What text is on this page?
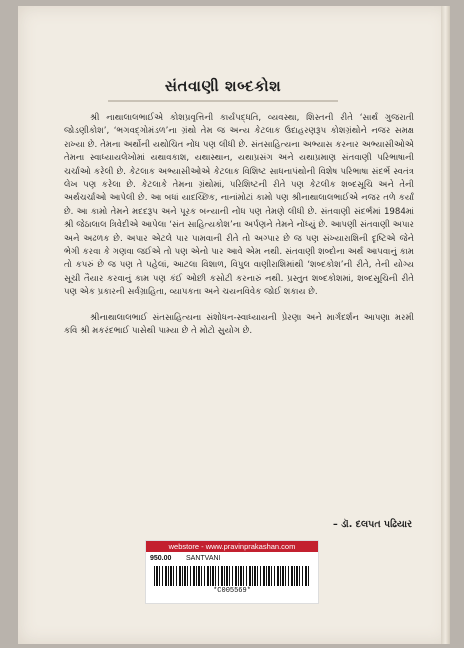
સંતવાણી શબ્દકોશ

શ્રી નાથાલાલભાઈએ કોશપ્રવૃત્તિની કાર્યપદ્ધતિ, વ્યવસ્થા, શિસ્તની રીતે ‘સાર્થ ગુજરાતી જોડણીકોશ’, ‘ભગવદ્ગોમંડળ’ના ગ્રંથો તેમ જ અન્ય કેટલાક ઉદાહરણરૂપ કોશગ્રંથોને નજર સમક્ષ રાખ્યા છે. તેમના અર્થોની યથોચિત નોંધ પણ લીધી છે. સંતસાહિત્યના અભ્યાસ કરનાર અભ્યાસીઓએ તેમના સ્વાધ્યાયલેખોમાં યથાવકાશ, યથાસ્થાન, યથાપ્રસંગ અને યથાપ્રમાણ સંતવાણી પરિભાષાની ચર્ચાઓ કરેલી છે. કેટલાક અભ્યાસીઓએ કેટલાક વિશિષ્ટ સાધનાપંથોની વિશેષ પરિભાષા સંદર્ભે સ્વતંત્ર લેખ પણ કરેલા છે. કેટલાકે તેમના ગ્રંથોમાં, પરિશિષ્ટની રીતે પણ કેટલીક શબ્દસૂચિ અને તેની અર્થચર્ચાઓ આપેલી છે. આ બધાં યાદચ્છિક, નાનાંમોટાં કામો પણ શ્રીનાથાલાલભાઈએ નજર તળે કર્યાં છે. આ કામો તેમને મદદરૂપ અને પૂરક બન્યાની નોંધ પણ તેમણે લીધી છે. સંતવાણી સંદર્ભમાં 1984માં શ્રી જેઠાલાલ ત્રિવેદીએ આપેલા ‘સંત સાહિત્યકોશ’ના અર્પણને તેમને નોંધ્યું છે. આપણી સંતવાણી અપાર અને અઢળક છે. અપાર એટલે પાર પામવાની રીતે તો અગ્પાર છે જ પણ સંખ્યારાશિની દૃષ્ટિએ જેને ભેગી કરવા કે ગણવા જઈએ તો પણ એનો પાર આવે એમ નથી. સંતવાણી શબ્દોના અર્થ આપવાનું કામ તો કપરું છે જ પણ તે પહેલાં, આટલા વિશાળ, વિપુલ વાણીરાશિમાંથી ‘શબ્દકોશ’ની રીતે, તેની યોગ્ય સૂચી તૈયાર કરવાનું કામ પણ કંઈ ઓછી કસોટી કરનારું નથી. પ્રસ્તુત શબ્દકોશમાં, શબ્દસૂચિની રીતે પણ એક પ્રકારની સર્વગ્રાહિતા, વ્યાપકતા અને ચયનવિવેક જોઈ શકાય છે.

શ્રીનાથાલાલભાઈ સંતસાહિત્યના સંશોધન-સ્વાધ્યાયની પ્રેરણા અને માર્ગદર્શન આપણા મરમી કવિ શ્રી મકરંદભાઈ પાસેથી પામ્યા છે તે મોટો સુયોગ છે.

– ડૉ. દલપત પઢિયાર
webstore - www.pravinprakashan.com
950.00	SANTVANI
*C005569*
